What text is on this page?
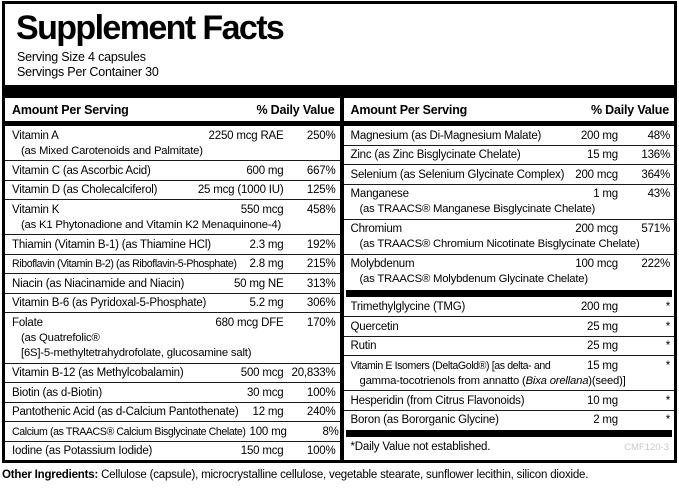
Supplement Facts
Serving Size 4 capsules
Servings Per Container 30
Amount Per Serving	% Daily Value
Vitamin A	2250 mcg RAE	250%
(as Mixed Carotenoids and Palmitate)
Vitamin C (as Ascorbic Acid)	600 mg	667%
Vitamin D (as Cholecalciferol)	25 mcg (1000 IU)	125%
Vitamin K	550 mcg	458%
(as K1 Phytonadione and Vitamin K2 Menaquinone-4)
Thiamin (Vitamin B-1) (as Thiamine HCl)	2.3 mg	192%
Riboflavin (Vitamin B-2) (as Riboflavin-5-Phosphate)	2.8 mg	215%
Niacin (as Niacinamide and Niacin)	50 mg NE	313%
Vitamin B-6 (as Pyridoxal-5-Phosphate)	5.2 mg	306%
Folate	680 mcg DFE	170%
(as Quatrefolic®
[6S]-5-methyltetrahydrofolate, glucosamine salt)
Vitamin B-12 (as Methylcobalamin)	500 mcg 20,833%
Biotin (as d-Biotin)	30 mcg	100%
Pantothenic Acid (as d-Calcium Pantothenate)	12 mg	240%
Calcium (as TRAACS® Calcium Bisglycinate Chelate) 100 mg	8%
Iodine (as Potassium Iodide)	150 mcg	100%
Amount Per Serving	% Daily Value
Magnesium (as Di-Magnesium Malate)	200 mg	48%
Zinc (as Zinc Bisglycinate Chelate)	15 mg	136%
Selenium (as Selenium Glycinate Complex) 200 mcg	364%
Manganese	1 mg	43%
(as TRAACS® Manganese Bisglycinate Chelate)
Chromium	200 mcg	571%
(as TRAACS® Chromium Nicotinate Bisglycinate Chelate)
Molybdenum	100 mcg	222%
(as TRAACS® Molybdenum Glycinate Chelate)
Trimethylglycine (TMG)	200 mg	*
Quercetin	25 mg	*
Rutin	25 mg	*
Vitamin E Isomers (DeltaGold®) [as delta- and	15 mg	*
gamma-tocotrienols from annatto (Bixa orellana)(seed)]
Hesperidin (from Citrus Flavonoids)	10 mg	*
Boron (as Bororganic Glycine)	2 mg	*
*Daily Value not established.	CMF120-3
Other Ingredients: Cellulose (capsule), microcrystalline cellulose, vegetable stearate, sunflower lecithin, silicon dioxide.
